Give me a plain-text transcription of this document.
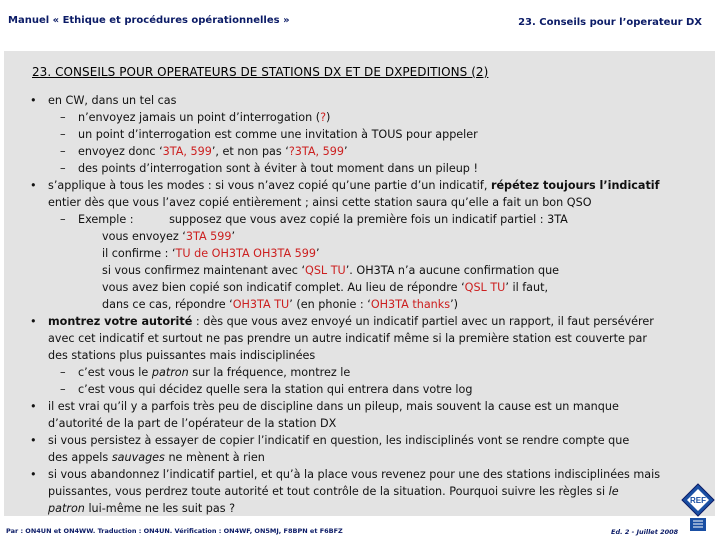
Manuel « Ethique et procédures opérationnelles »	23. Conseils pour l’operateur DX
23. CONSEILS POUR OPERATEURS DE STATIONS DX ET DE DXPEDITIONS (2)
• en CW, dans un tel cas
– n’envoyez jamais un point d’interrogation (?)
– un point d’interrogation est comme une invitation à TOUS pour appeler
– envoyez donc ‘3TA, 599’, et non pas ‘?3TA, 599’
– des points d’interrogation sont à éviter à tout moment dans un pileup !
• s’applique à tous les modes : si vous n’avez copié qu’une partie d’un indicatif, répétez toujours l’indicatif
entier dès que vous l’avez copié entièrement ; ainsi cette station saura qu’elle a fait un bon QSO
– Exemple :          supposez que vous avez copié la première fois un indicatif partiel : 3TA
vous envoyez ‘3TA 599’
il confirme : ‘TU de OH3TA OH3TA 599’
si vous confirmez maintenant avec ‘QSL TU’. OH3TA n’a aucune confirmation que
vous avez bien copié son indicatif complet. Au lieu de répondre ‘QSL TU’ il faut,
dans ce cas, répondre ‘OH3TA TU’ (en phonie : ‘OH3TA thanks’)
• montrez votre autorité : dès que vous avez envoyé un indicatif partiel avec un rapport, il faut persévérer
avec cet indicatif et surtout ne pas prendre un autre indicatif même si la première station est couverte par
des stations plus puissantes mais indisciplinées
– c’est vous le patron sur la fréquence, montrez le
– c’est vous qui décidez quelle sera la station qui entrera dans votre log
• il est vrai qu’il y a parfois très peu de discipline dans un pileup, mais souvent la cause est un manque
d’autorité de la part de l’opérateur de la station DX
• si vous persistez à essayer de copier l’indicatif en question, les indisciplinés vont se rendre compte que
des appels sauvages ne mènent à rien
• si vous abandonnez l’indicatif partiel, et qu’à la place vous revenez pour une des stations indisciplinées mais
puissantes, vous perdrez toute autorité et tout contrôle de la situation. Pourquoi suivre les règles si le
patron lui-même ne les suit pas ?
Par : ON4UN et ON4WW. Traduction : ON4UN. Vérification : ON4WF, ON5MJ, F8BPN et F6BFZ	Ed. 2 - Juillet 2008
REF
